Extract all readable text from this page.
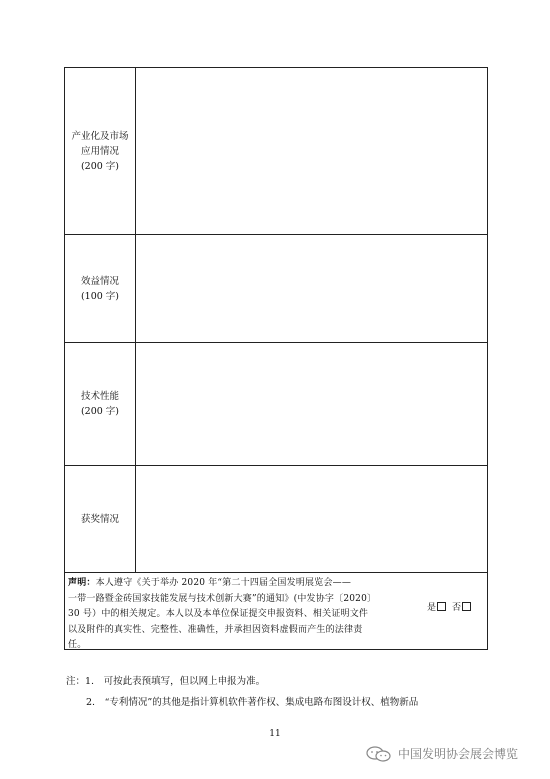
产业化及市场
应用情况
(200 字)
效益情况
(100 字)
技术性能
(200 字)
获奖情况
声明：本人遵守《关于举办 2020 年“第二十四届全国发明展览会——
一带一路暨金砖国家技能发展与技术创新大赛”的通知》(中发协字〔2020〕
30 号）中的相关规定。本人以及本单位保证提交申报资料、相关证明文件
以及附件的真实性、完整性、准确性，并承担因资料虚假而产生的法律责
任。
是 否
注：1.　可按此表预填写，但以网上申报为准。
2.　“专利情况”的其他是指计算机软件著作权、集成电路布图设计权、植物新品
11
中国发明协会展会博览
